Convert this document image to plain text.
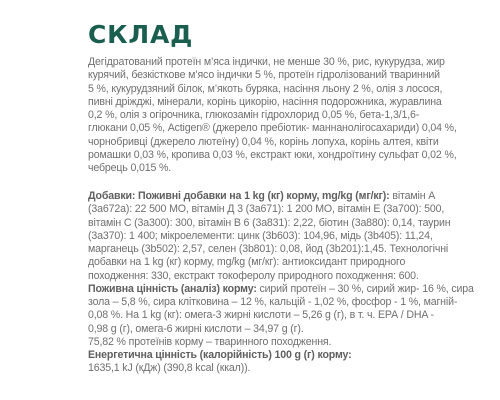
СКЛАД

Дегідратований протеїн м’яса індички, не менше 30 %, рис, кукурудза, жир
курячий, безкісткове м’ясо індички 5 %, протеїн гідролізований тваринний
5 %, кукурудзяний білок, м’якоть буряка, насіння льону 2 %, олія з лосося,
пивні дріжджі, мінерали, корінь цикорію, насіння подорожника, журавлина
0,2 %, олія з огірочника, глюкозамін гідрохлорид 0,05 %, бета-1,3/1,6-
глюкани 0,05 %, Actigen® (джерело пребіотик- маннанолігосахариди) 0,04 %,
чорнобривці (джерело лютеїну) 0,04 %, корінь лопуха, корінь алтея, квіти
ромашки 0,03 %, кропива 0,03 %, екстракт юки, хондроїтину сульфат 0,02 %,
чебрець 0,015 %.

Добавки: Поживні добавки на 1 kg (кг) корму, mg/kg (мг/кг): вітамін А
(3a672a): 22 500 МО, вітамін Д 3 (3a671): 1 200 МО, вітамін Е (3a700): 500,
вітамін С (3a300): 300, вітамін В 6 (3a831): 2,22, біотин (3a880): 0,14, таурин
(3a370): 1 400; мікроелементи: цинк (3b603): 104,96, мідь (3b405): 11,24,
марганець (3b502): 2,57, селен (3b801): 0,08, йод (3b201):1,45. Технологічні
добавки на 1 kg (кг) корму, mg/kg (мг/кг): антиоксидант природного
походження: 330, екстракт токоферолу природного походження: 600.
Поживна цінність (аналіз) корму: сирий протеїн – 30 %, сирий жир- 16 %, сира
зола – 5,8 %, сира клітковина – 12 %, кальцій - 1,02 %, фосфор - 1 %, магній-
0,08 %. На 1 kg (кг): омега-3 жирні кислоти – 5,26 g (г), в т. ч. ЕРА / DHA -
0,98 g (г), омега-6 жирні кислоти – 34,97 g (г).
75,82 % протеїнів корму – тваринного походження.
Енергетична цінність (калорійність) 100 g (г) корму:
1635,1 kJ (кДж) (390,8 kcal (ккал)).
